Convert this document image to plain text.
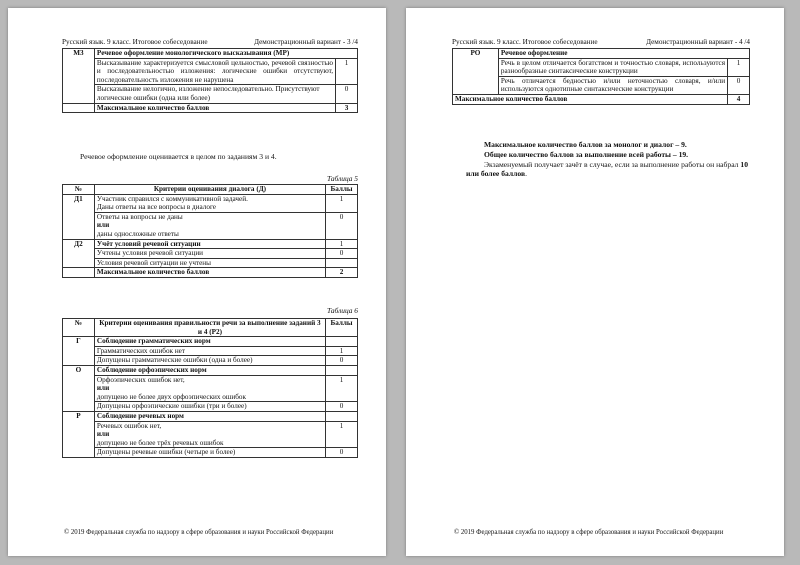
Русский язык. 9 класс. Итоговое собеседование	Демонстрационный вариант - 3 /4
М3	Речевое оформление монологического высказывания (МР)	
	Высказывание характеризуется смысловой цельностью, речевой связностью и последовательностью изложения: логические ошибки отсутствуют, последовательность изложения не нарушена	1
	Высказывание нелогично, изложение непоследовательно. Присутствуют логические ошибки (одна или более)	0
	Максимальное количество баллов	3
Речевое оформление оценивается в целом по заданиям 3 и 4.
Таблица 5
№	Критерии оценивания диалога (Д)	Баллы
Д1	Участник справился с коммуникативной задачей.
Даны ответы на все вопросы в диалоге	1

	Ответы на вопросы не даны
или
даны односложные ответы	0
Д2	Учёт условий речевой ситуации	1
	Учтены условия речевой ситуации	0
	Условия речевой ситуации не учтены	
	Максимальное количество баллов	2
Таблица 6
№	Критерии оценивания правильности речи за выполнение заданий 3 и 4 (Р2)	Баллы
Г	Соблюдение грамматических норм	
	Грамматических ошибок нет	1
	Допущены грамматические ошибки (одна и более)	0
О	Соблюдение орфоэпических норм	

	Орфоэпических ошибок нет,
или
допущено не более двух орфоэпических ошибок	1
	Допущены орфоэпические ошибки (три и более)	0
Р	Соблюдение речевых норм	

	Речевых ошибок нет,
или
допущено не более трёх речевых ошибок	1
	Допущены речевые ошибки (четыре и более)	0
© 2019 Федеральная служба по надзору в сфере образования и науки Российской Федерации
Русский язык. 9 класс. Итоговое собеседование	Демонстрационный вариант - 4 /4
РО	Речевое оформление	
	Речь в целом отличается богатством и точностью словаря, используются разнообразные синтаксические конструкции	1
	Речь отличается бедностью и/или неточностью словаря, и/или используются однотипные синтаксические конструкции	0
Максимальное количество баллов		4
Максимальное количество баллов за монолог и диалог – 9.
Общее количество баллов за выполнение всей работы – 19.
Экзаменуемый получает зачёт в случае, если за выполнение работы он набрал 10 или более баллов.
© 2019 Федеральная служба по надзору в сфере образования и науки Российской Федерации
